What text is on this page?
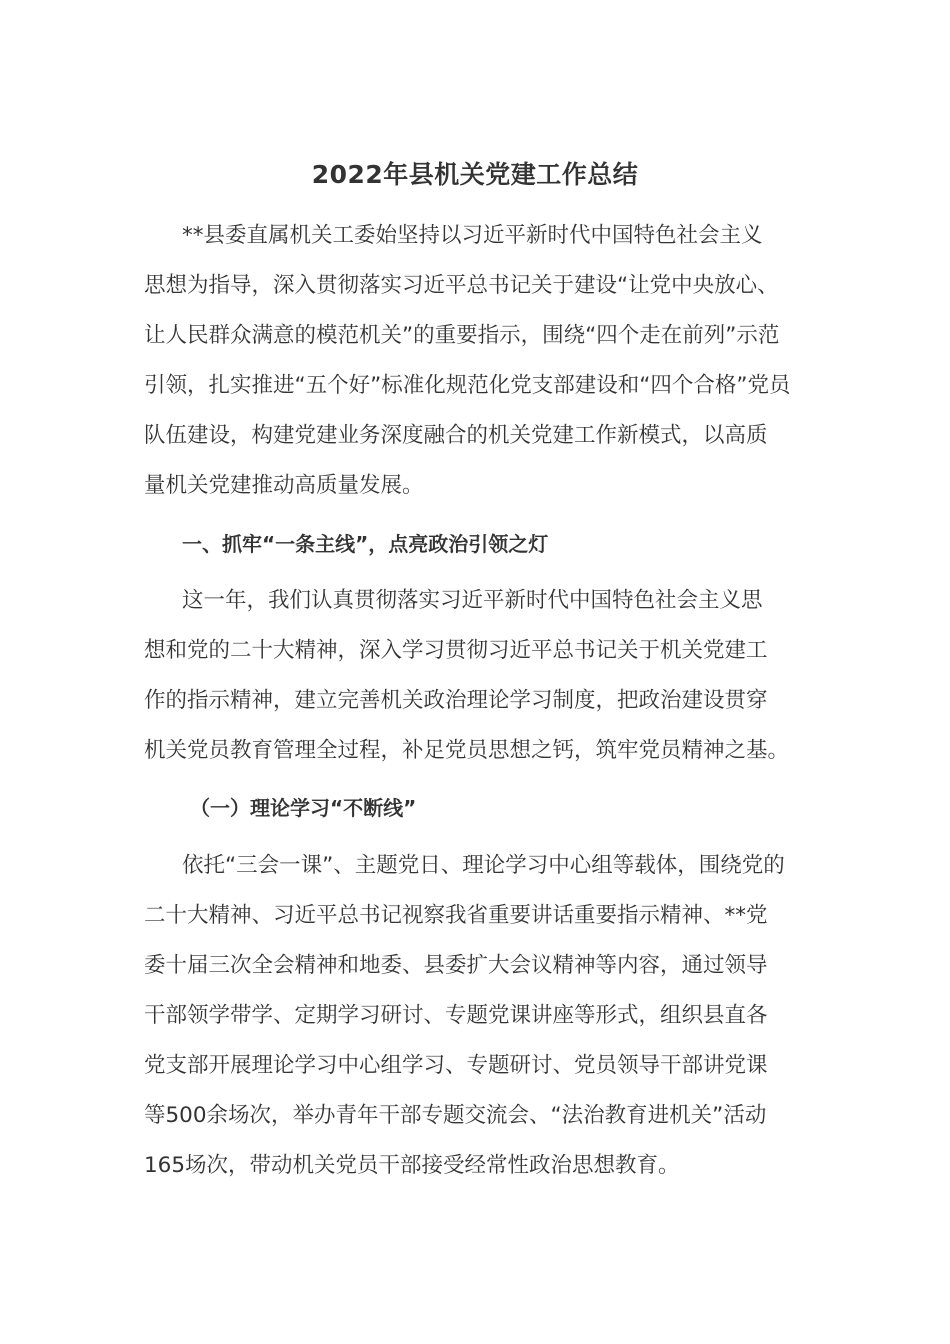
2022年县机关党建工作总结
**县委直属机关工委始坚持以习近平新时代中国特色社会主义
思想为指导，深入贯彻落实习近平总书记关于建设“让党中央放心、
让人民群众满意的模范机关”的重要指示，围绕“四个走在前列”示范
引领，扎实推进“五个好”标准化规范化党支部建设和“四个合格”党员
队伍建设，构建党建业务深度融合的机关党建工作新模式，以高质
量机关党建推动高质量发展。
一、抓牢“一条主线”，点亮政治引领之灯
这一年，我们认真贯彻落实习近平新时代中国特色社会主义思
想和党的二十大精神，深入学习贯彻习近平总书记关于机关党建工
作的指示精神，建立完善机关政治理论学习制度，把政治建设贯穿
机关党员教育管理全过程，补足党员思想之钙，筑牢党员精神之基。
（一）理论学习“不断线”
依托“三会一课”、主题党日、理论学习中心组等载体，围绕党的
二十大精神、习近平总书记视察我省重要讲话重要指示精神、**党
委十届三次全会精神和地委、县委扩大会议精神等内容，通过领导
干部领学带学、定期学习研讨、专题党课讲座等形式，组织县直各
党支部开展理论学习中心组学习、专题研讨、党员领导干部讲党课
等500余场次，举办青年干部专题交流会、“法治教育进机关”活动
165场次，带动机关党员干部接受经常性政治思想教育。
